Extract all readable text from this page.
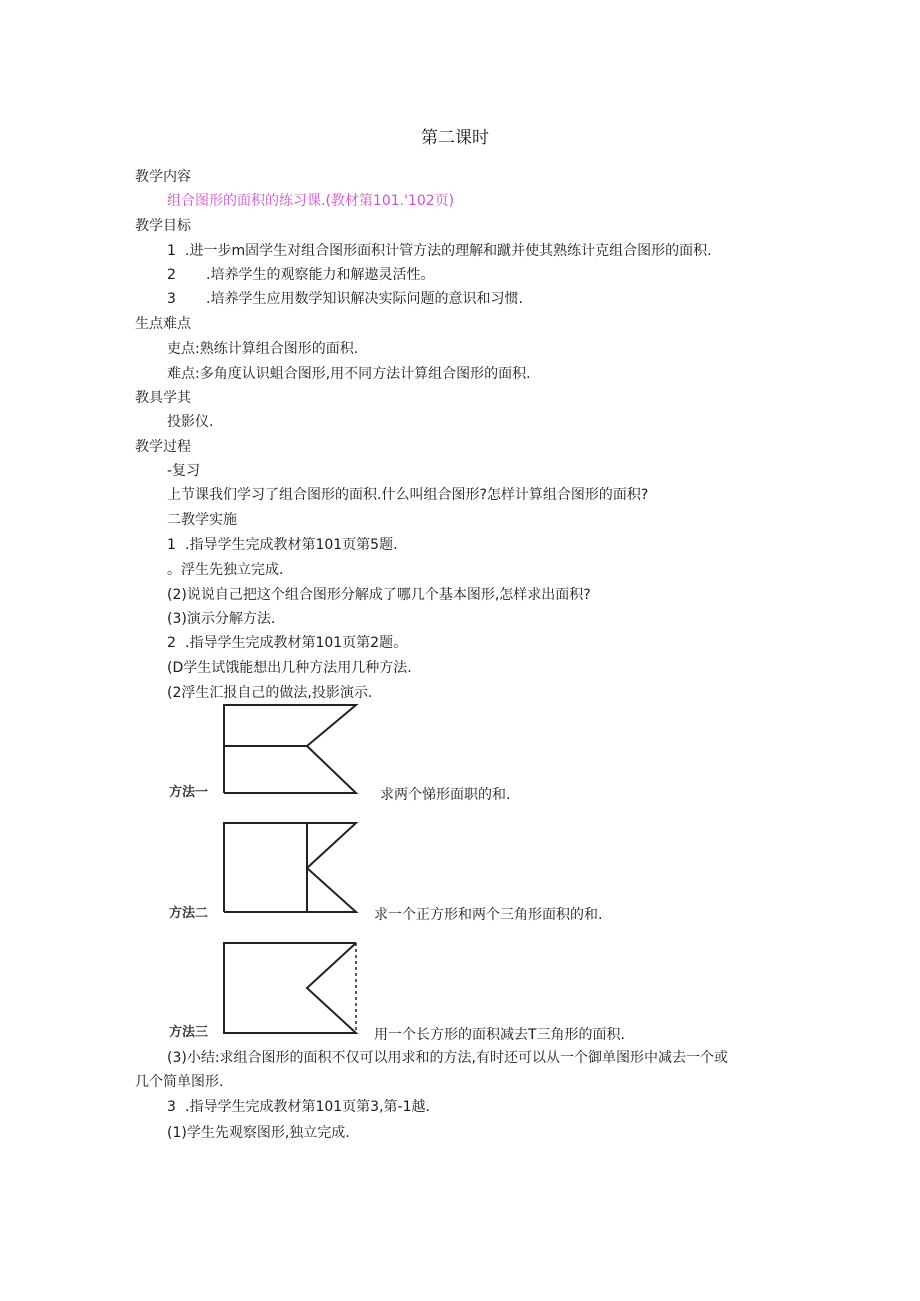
第二课时
教学内容
组合图形的面积的练习课.(教材第101.'102页)
教学目标
1 .进一步m固学生对组合图形面积计管方法的理解和蹴并使其熟练计克组合图形的面积.
2 .培养学生的观察能力和解遨灵活性。
3 .培养学生应用数学知识解决实际问题的意识和习惯.
生点难点
吏点:熟练计算组合图形的面积.
难点:多角度认识蛆合图形,用不同方法计算组合图形的面积.
教具学其
投影仪.
教学过程
-复习
上节课我们学习了组合图形的面积.什么叫组合图形?怎样计算组合图形的面积?
二教学实施
1 .指导学生完成教材第101页第5题.
。浮生先独立完成.
(2)说说自己把这个组合图形分解成了哪几个基本图形,怎样求出面积?
(3)演示分解方法.
2 .指导学生完成教材第101页第2题。
(D学生试饿能想出几种方法用几种方法.
(2浮生汇报自己的做法,投影演示.
方法一	求两个悌形面职的和.
方法二	求一个正方形和两个三角形面积的和.
方法三	用一个长方形的面积减去T三角形的面积.
(3)小结:求组合图形的面积不仅可以用求和的方法,有时还可以从一个御单图形中减去一个或
几个简单图形.
3 .指导学生完成教材第101页第3,第-1越.
(1)学生先观察图形,独立完成.
